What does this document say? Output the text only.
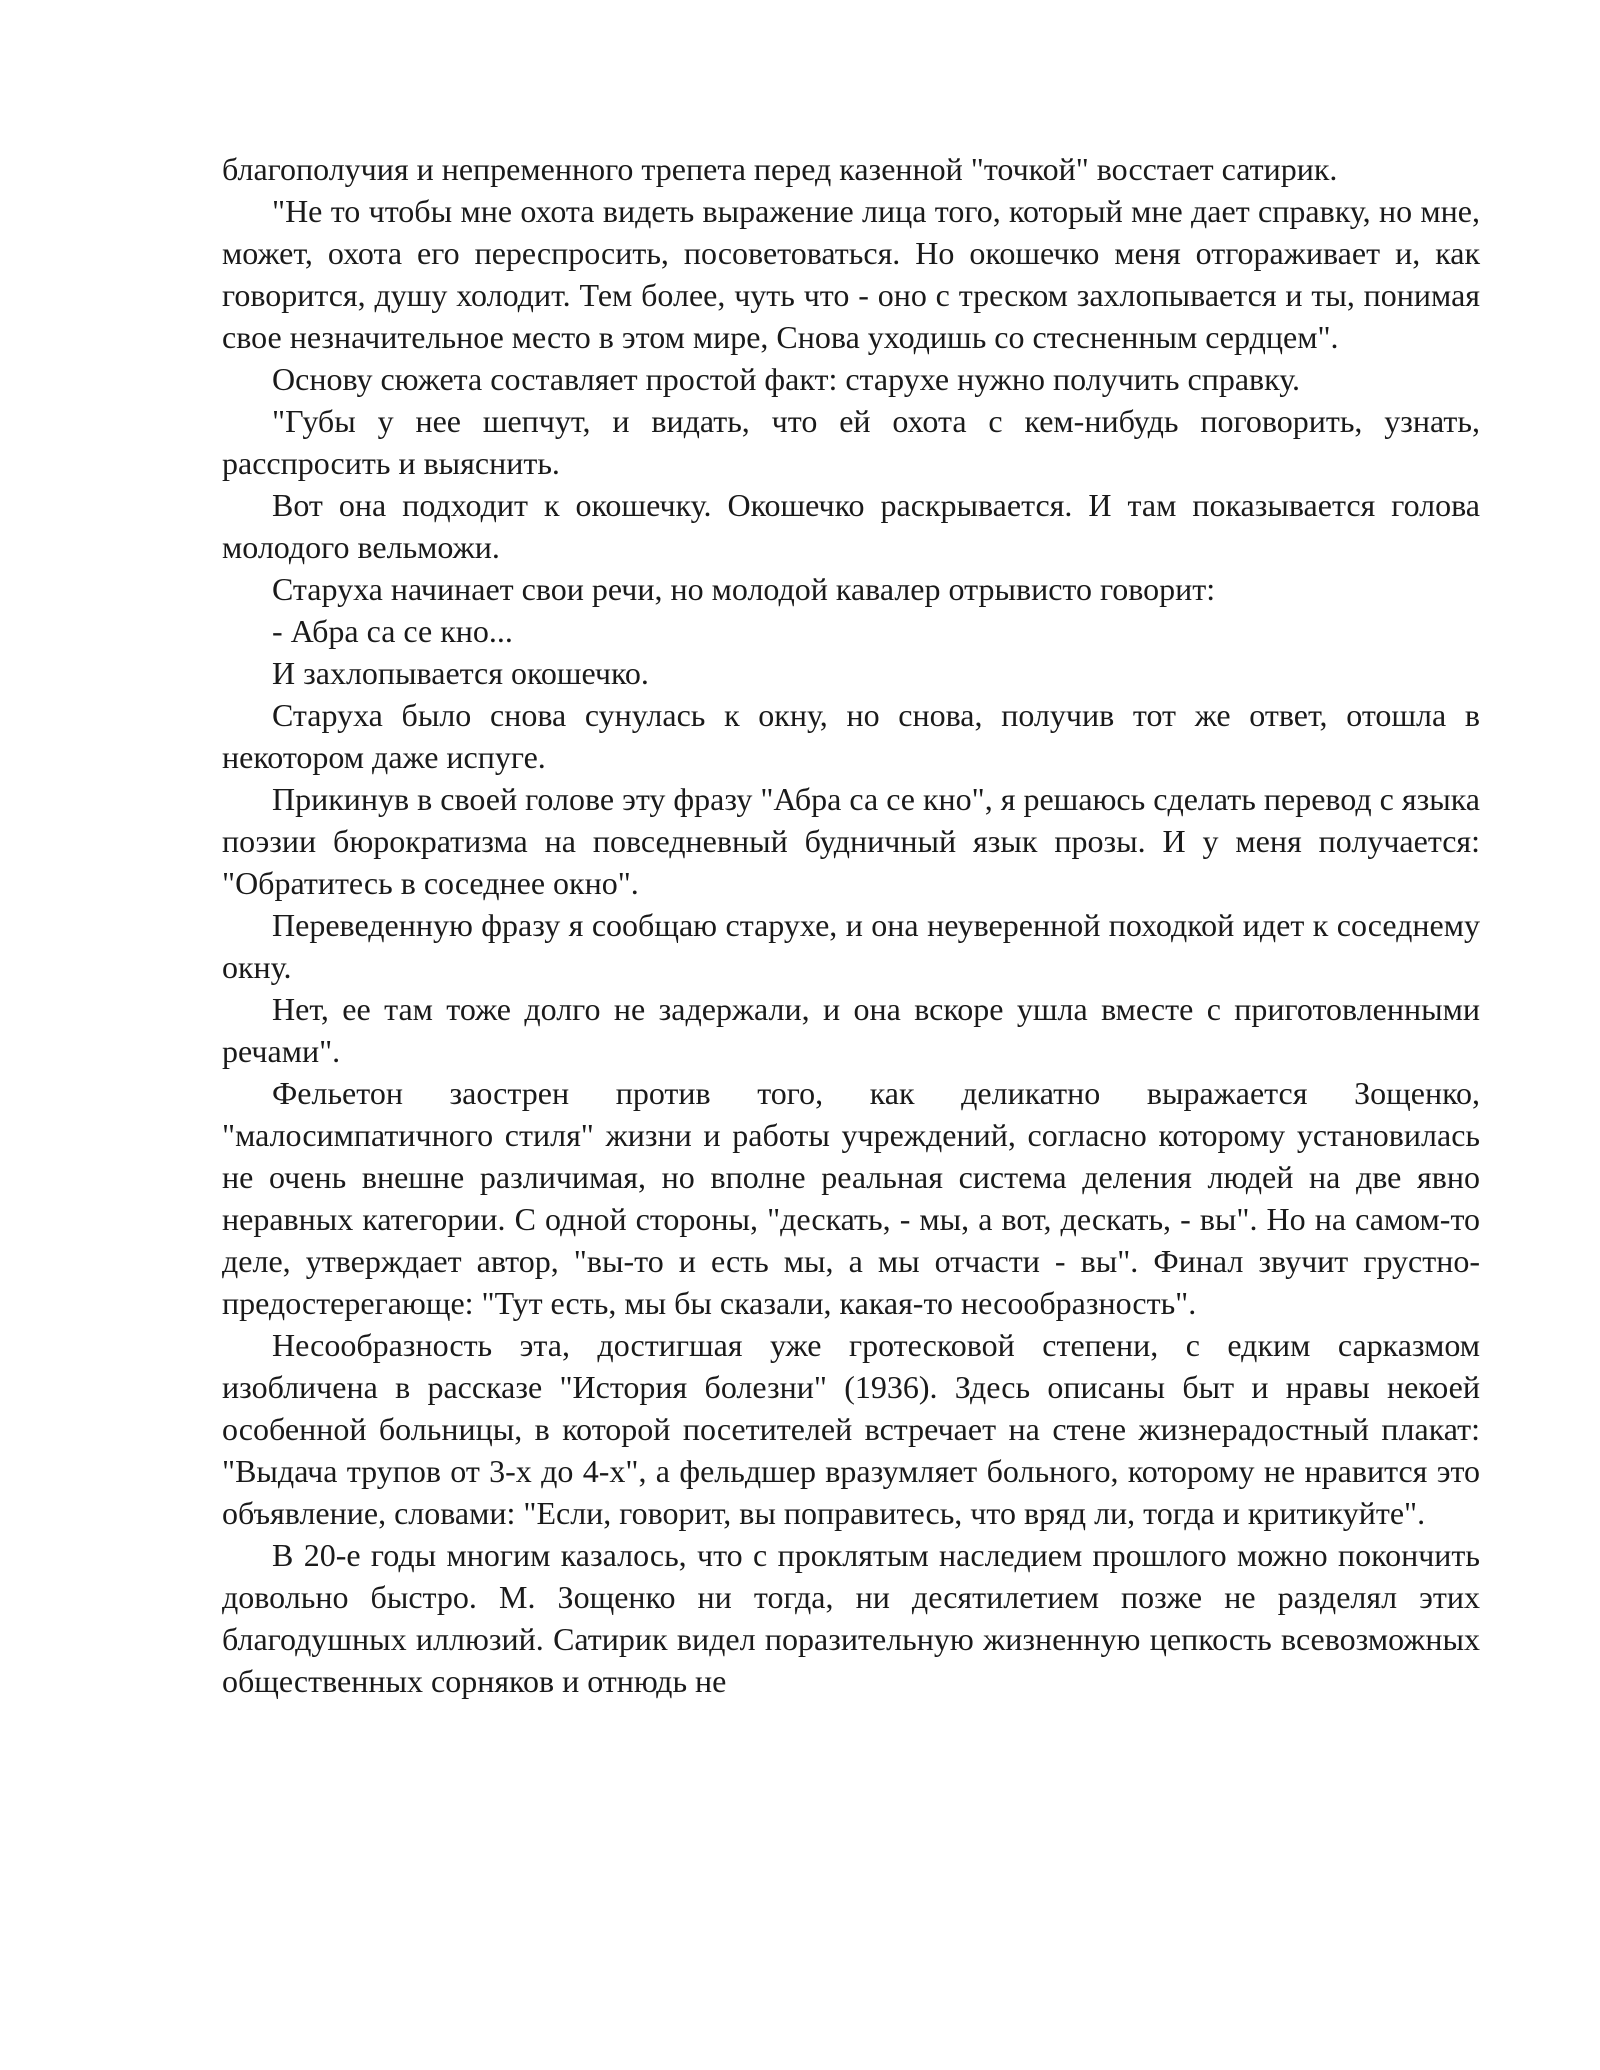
благополучия и непременного трепета перед казенной "точкой" восстает сатирик.

"Не то чтобы мне охота видеть выражение лица того, который мне дает справку, но мне, может, охота его переспросить, посоветоваться. Но окошечко меня отгораживает и, как говорится, душу холодит. Тем более, чуть что - оно с треском захлопывается и ты, понимая свое незначительное место в этом мире, Снова уходишь со стесненным сердцем".

Основу сюжета составляет простой факт: старухе нужно получить справку.

"Губы у нее шепчут, и видать, что ей охота с кем-нибудь поговорить, узнать, расспросить и выяснить.

Вот она подходит к окошечку. Окошечко раскрывается. И там показывается голова молодого вельможи.

Старуха начинает свои речи, но молодой кавалер отрывисто говорит:

- Абра са се кно...

И захлопывается окошечко.

Старуха было снова сунулась к окну, но снова, получив тот же ответ, отошла в некотором даже испуге.

Прикинув в своей голове эту фразу "Абра са се кно", я решаюсь сделать перевод с языка поэзии бюрократизма на повседневный будничный язык прозы. И у меня получается: "Обратитесь в соседнее окно".

Переведенную фразу я сообщаю старухе, и она неуверенной походкой идет к соседнему окну.

Нет, ее там тоже долго не задержали, и она вскоре ушла вместе с приготовленными речами".

Фельетон заострен против того, как деликатно выражается Зощенко, "малосимпатичного стиля" жизни и работы учреждений, согласно которому установилась не очень внешне различимая, но вполне реальная система деления людей на две явно неравных категории. С одной стороны, "дескать, - мы, а вот, дескать, - вы". Но на самом-то деле, утверждает автор, "вы-то и есть мы, а мы отчасти - вы". Финал звучит грустно-предостерегающе: "Тут есть, мы бы сказали, какая-то несообразность".

Несообразность эта, достигшая уже гротесковой степени, с едким сарказмом изобличена в рассказе "История болезни" (1936). Здесь описаны быт и нравы некоей особенной больницы, в которой посетителей встречает на стене жизнерадостный плакат: "Выдача трупов от 3-х до 4-х", а фельдшер вразумляет больного, которому не нравится это объявление, словами: "Если, говорит, вы поправитесь, что вряд ли, тогда и критикуйте".

В 20-е годы многим казалось, что с проклятым наследием прошлого можно покончить довольно быстро. М. Зощенко ни тогда, ни десятилетием позже не разделял этих благодушных иллюзий. Сатирик видел поразительную жизненную цепкость всевозможных общественных сорняков и отнюдь не
